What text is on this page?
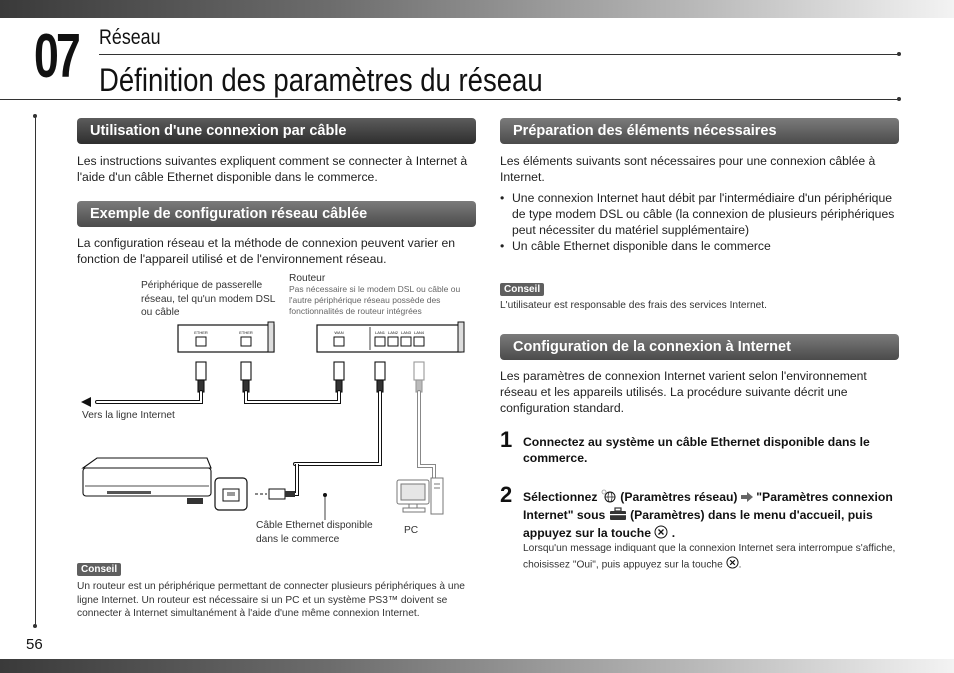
07 Réseau
Définition des paramètres du réseau
Utilisation d'une connexion par câble
Les instructions suivantes expliquent comment se connecter à Internet à l'aide d'un câble Ethernet disponible dans le commerce.
Exemple de configuration réseau câblée
La configuration réseau et la méthode de connexion peuvent varier en fonction de l'appareil utilisé et de l'environnement réseau.
Périphérique de passerelle réseau, tel qu'un modem DSL ou câble
Routeur
Pas nécessaire si le modem DSL ou câble ou l'autre périphérique réseau possède des fonctionnalités de routeur intégrées
Vers la ligne Internet
Câble Ethernet disponible dans le commerce
PC
ETHER	ETHER	WAN	LAN1 LAN2 LAN3 LAN4
Conseil
Un routeur est un périphérique permettant de connecter plusieurs périphériques à une ligne Internet. Un routeur est nécessaire si un PC et un système PS3™ doivent se connecter à Internet simultanément à l'aide d'une même connexion Internet.
56
Préparation des éléments nécessaires
Les éléments suivants sont nécessaires pour une connexion câblée à Internet.
• Une connexion Internet haut débit par l'intermédiaire d'un périphérique de type modem DSL ou câble (la connexion de plusieurs périphériques peut nécessiter du matériel supplémentaire)
• Un câble Ethernet disponible dans le commerce
Conseil
L'utilisateur est responsable des frais des services Internet.
Configuration de la connexion à Internet
Les paramètres de connexion Internet varient selon l'environnement réseau et les appareils utilisés. La procédure suivante décrit une configuration standard.
1 Connectez au système un câble Ethernet disponible dans le commerce.
2 Sélectionnez (Paramètres réseau) "Paramètres connexion Internet" sous (Paramètres) dans le menu d'accueil, puis appuyez sur la touche .
Lorsqu'un message indiquant que la connexion Internet sera interrompue s'affiche, choisissez "Oui", puis appuyez sur la touche .
